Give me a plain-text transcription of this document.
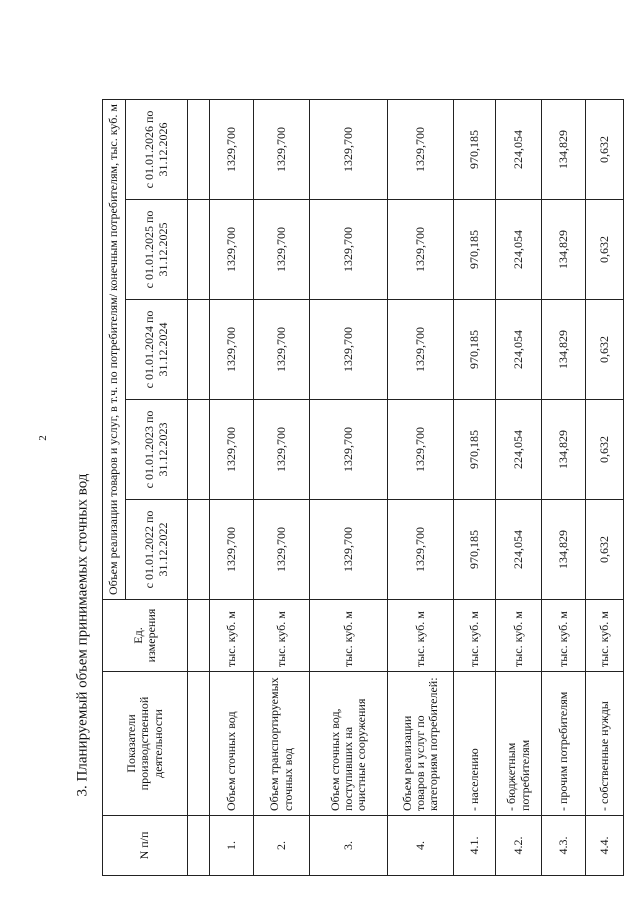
2
3. Планируемый объем принимаемых сточных вод
N п/п	Показатели производственной деятельности	Ед. измерения	Объем реализации товаров и услуг, в т.ч. по потребителям/ конечным потребителям, тыс. куб. м				
			с 01.01.2022 по 31.12.2022	с 01.01.2023 по 31.12.2023	с 01.01.2024 по 31.12.2024	с 01.01.2025 по 31.12.2025	с 01.01.2026 по 31.12.2026

1.	Объем сточных вод	тыс. куб. м	1329,700	1329,700	1329,700	1329,700	1329,700
2.	Объем транспортируемых сточных вод	тыс. куб. м	1329,700	1329,700	1329,700	1329,700	1329,700
3.	Объем сточных вод, поступивших на очистные сооружения	тыс. куб. м	1329,700	1329,700	1329,700	1329,700	1329,700
4.	Объем реализации товаров и услуг по категориям потребителей:	тыс. куб. м	1329,700	1329,700	1329,700	1329,700	1329,700
4.1.	- населению	тыс. куб. м	970,185	970,185	970,185	970,185	970,185
4.2.	- бюджетным потребителям	тыс. куб. м	224,054	224,054	224,054	224,054	224,054
4.3.	- прочим потребителям	тыс. куб. м	134,829	134,829	134,829	134,829	134,829
4.4.	- собственные нужды	тыс. куб. м	0,632	0,632	0,632	0,632	0,632
